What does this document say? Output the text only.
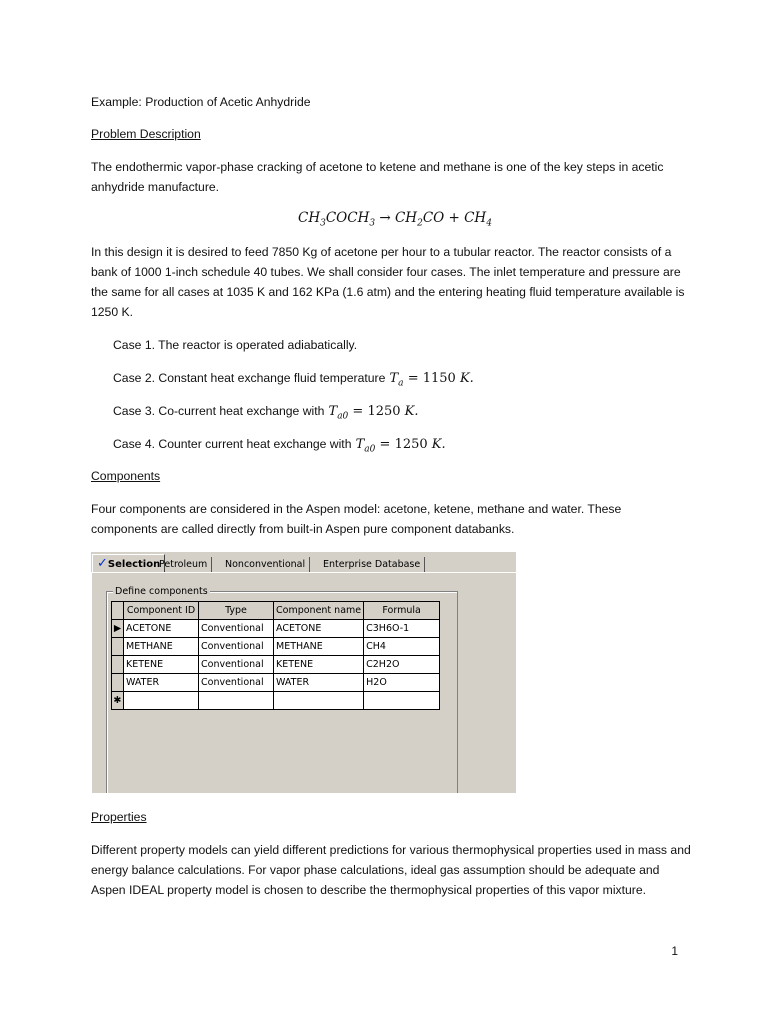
Example: Production of Acetic Anhydride

Problem Description

The endothermic vapor-phase cracking of acetone to ketene and methane is one of the key steps in acetic anhydride manufacture.

$CH_3COCH_3 \to CH_2CO + CH_4$

In this design it is desired to feed 7850 Kg of acetone per hour to a tubular reactor. The reactor consists of a bank of 1000 1-inch schedule 40 tubes. We shall consider four cases. The inlet temperature and pressure are the same for all cases at 1035 K and 162 KPa (1.6 atm) and the entering heating fluid temperature available is 1250 K.

Case 1. The reactor is operated adiabatically.
Case 2. Constant heat exchange fluid temperature $T_a = 1150$ K.
Case 3. Co-current heat exchange with $T_{a0} = 1250$ K.
Case 4. Counter current heat exchange with $T_{a0} = 1250$ K.

Components

Four components are considered in the Aspen model: acetone, ketene, methane and water. These components are called directly from built-in Aspen pure component databanks.

✓Selection
Petroleum	Nonconventional	Enterprise Database
Define components
	Component ID	Type	Component name	Formula
▶	ACETONE	Conventional	ACETONE	C3H6O-1
	METHANE	Conventional	METHANE	CH4
	KETENE	Conventional	KETENE	C2H2O
	WATER	Conventional	WATER	H2O
✱				

Properties

Different property models can yield different predictions for various thermophysical properties used in mass and energy balance calculations. For vapor phase calculations, ideal gas assumption should be adequate and Aspen IDEAL property model is chosen to describe the thermophysical properties of this vapor mixture.

1
